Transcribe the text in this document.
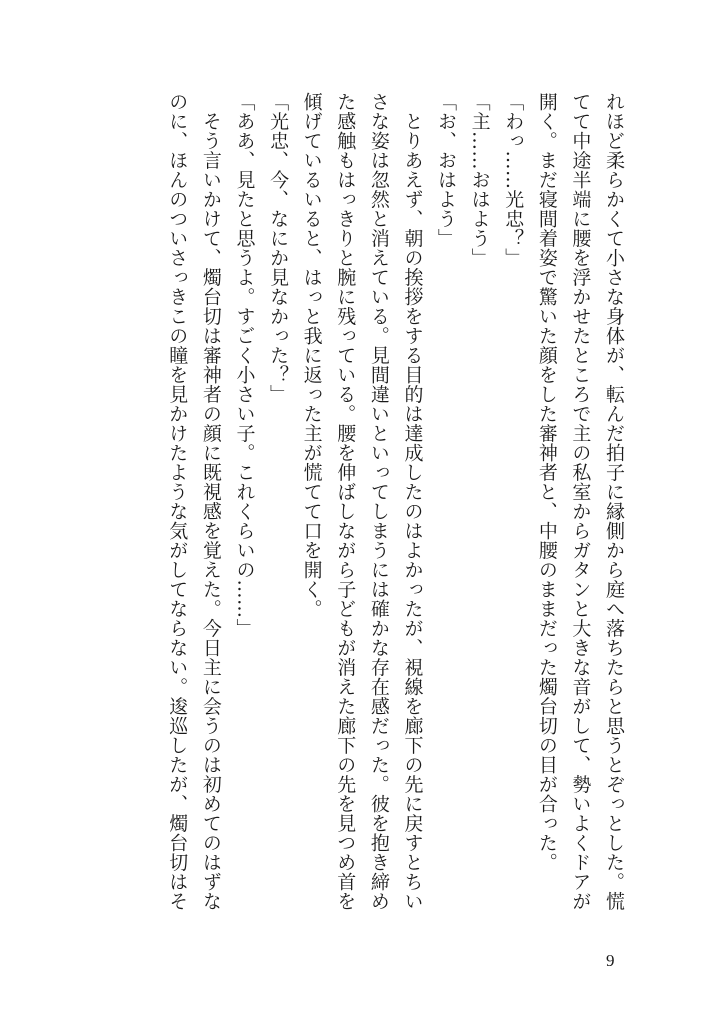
れほど柔らかくて小さな身体が、転んだ拍子に縁側から庭へ落ちたらと思うとぞっとした。慌
てて中途半端に腰を浮かせたところで主の私室からガタンと大きな音がして、勢いよくドアが
開く。まだ寝間着姿で驚いた顔をした審神者と、中腰のままだった燭台切の目が合った。
「わっ……光忠？」
「主……おはよう」
「お、おはよう」
　とりあえず、朝の挨拶をする目的は達成したのはよかったが、視線を廊下の先に戻すとちい
さな姿は忽然と消えている。見間違いといってしまうには確かな存在感だった。彼を抱き締め
た感触もはっきりと腕に残っている。腰を伸ばしながら子どもが消えた廊下の先を見つめ首を
傾げているいると、はっと我に返った主が慌てて口を開く。
「光忠、今、なにか見なかった？」
「ああ、見たと思うよ。すごく小さい子。これくらいの……」
　そう言いかけて、燭台切は審神者の顔に既視感を覚えた。今日主に会うのは初めてのはずな
のに、ほんのついさっきこの瞳を見かけたような気がしてならない。逡巡したが、燭台切はそ
9
